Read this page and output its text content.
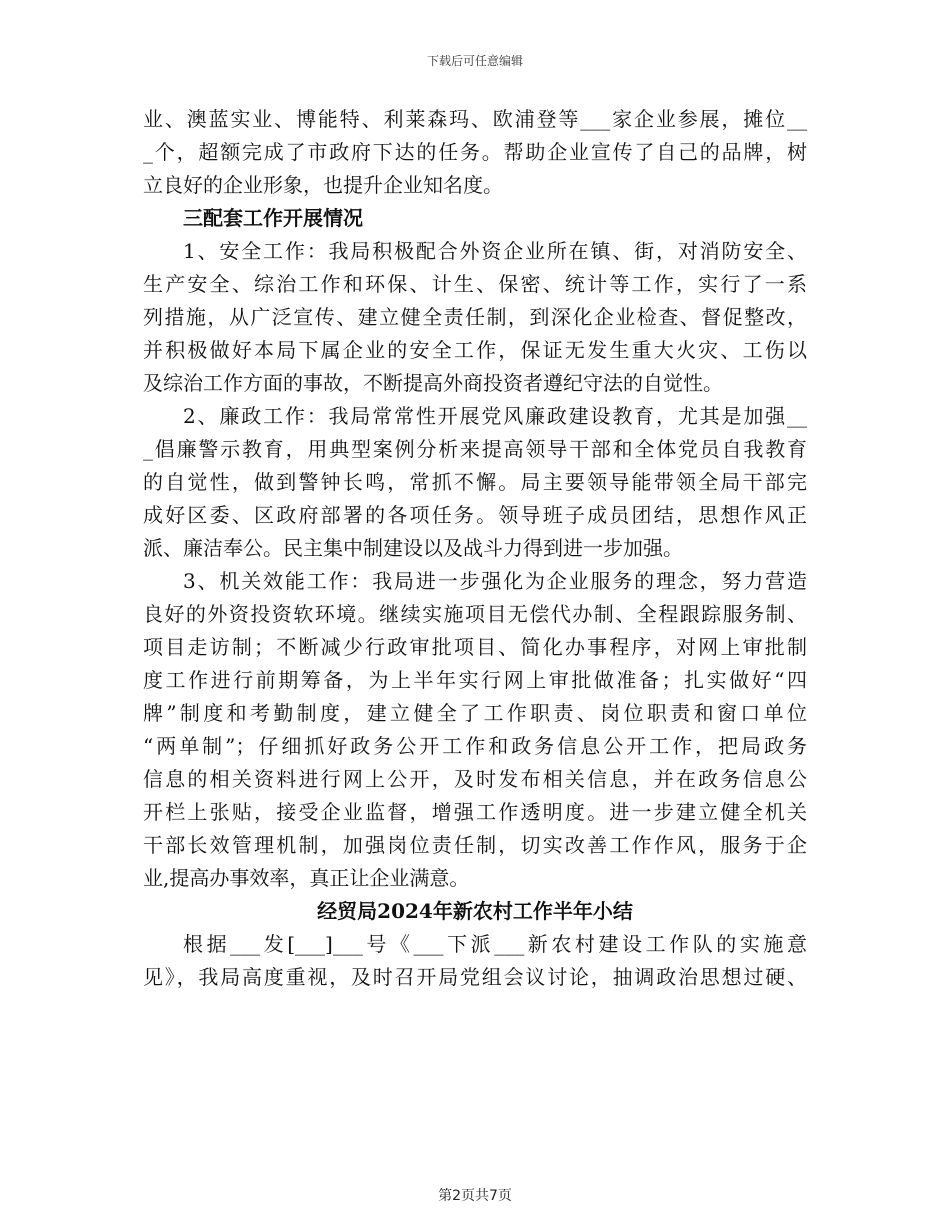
下载后可任意编辑
业、澳蓝实业、博能特、利莱森玛、欧浦登等___家企业参展，摊位__
_个，超额完成了市政府下达的任务。帮助企业宣传了自己的品牌，树
立良好的企业形象，也提升企业知名度。
三配套工作开展情况
1、安全工作：我局积极配合外资企业所在镇、街，对消防安全、
生产安全、综治工作和环保、计生、保密、统计等工作，实行了一系
列措施，从广泛宣传、建立健全责任制，到深化企业检查、督促整改，
并积极做好本局下属企业的安全工作，保证无发生重大火灾、工伤以
及综治工作方面的事故，不断提高外商投资者遵纪守法的自觉性。
2、廉政工作：我局常常性开展党风廉政建设教育，尤其是加强__
_倡廉警示教育，用典型案例分析来提高领导干部和全体党员自我教育
的自觉性，做到警钟长鸣，常抓不懈。局主要领导能带领全局干部完
成好区委、区政府部署的各项任务。领导班子成员团结，思想作风正
派、廉洁奉公。民主集中制建设以及战斗力得到进一步加强。
3、机关效能工作：我局进一步强化为企业服务的理念，努力营造
良好的外资投资软环境。继续实施项目无偿代办制、全程跟踪服务制、
项目走访制；不断减少行政审批项目、简化办事程序，对网上审批制
度工作进行前期筹备，为上半年实行网上审批做准备；扎实做好“四
牌”制度和考勤制度，建立健全了工作职责、岗位职责和窗口单位
“两单制”；仔细抓好政务公开工作和政务信息公开工作，把局政务
信息的相关资料进行网上公开，及时发布相关信息，并在政务信息公
开栏上张贴，接受企业监督，增强工作透明度。进一步建立健全机关
干部长效管理机制，加强岗位责任制，切实改善工作作风，服务于企
业,提高办事效率，真正让企业满意。
经贸局2024年新农村工作半年小结
根据___发[___]___号《___下派___新农村建设工作队的实施意
见》，我局高度重视，及时召开局党组会议讨论，抽调政治思想过硬、
第2页共7页
